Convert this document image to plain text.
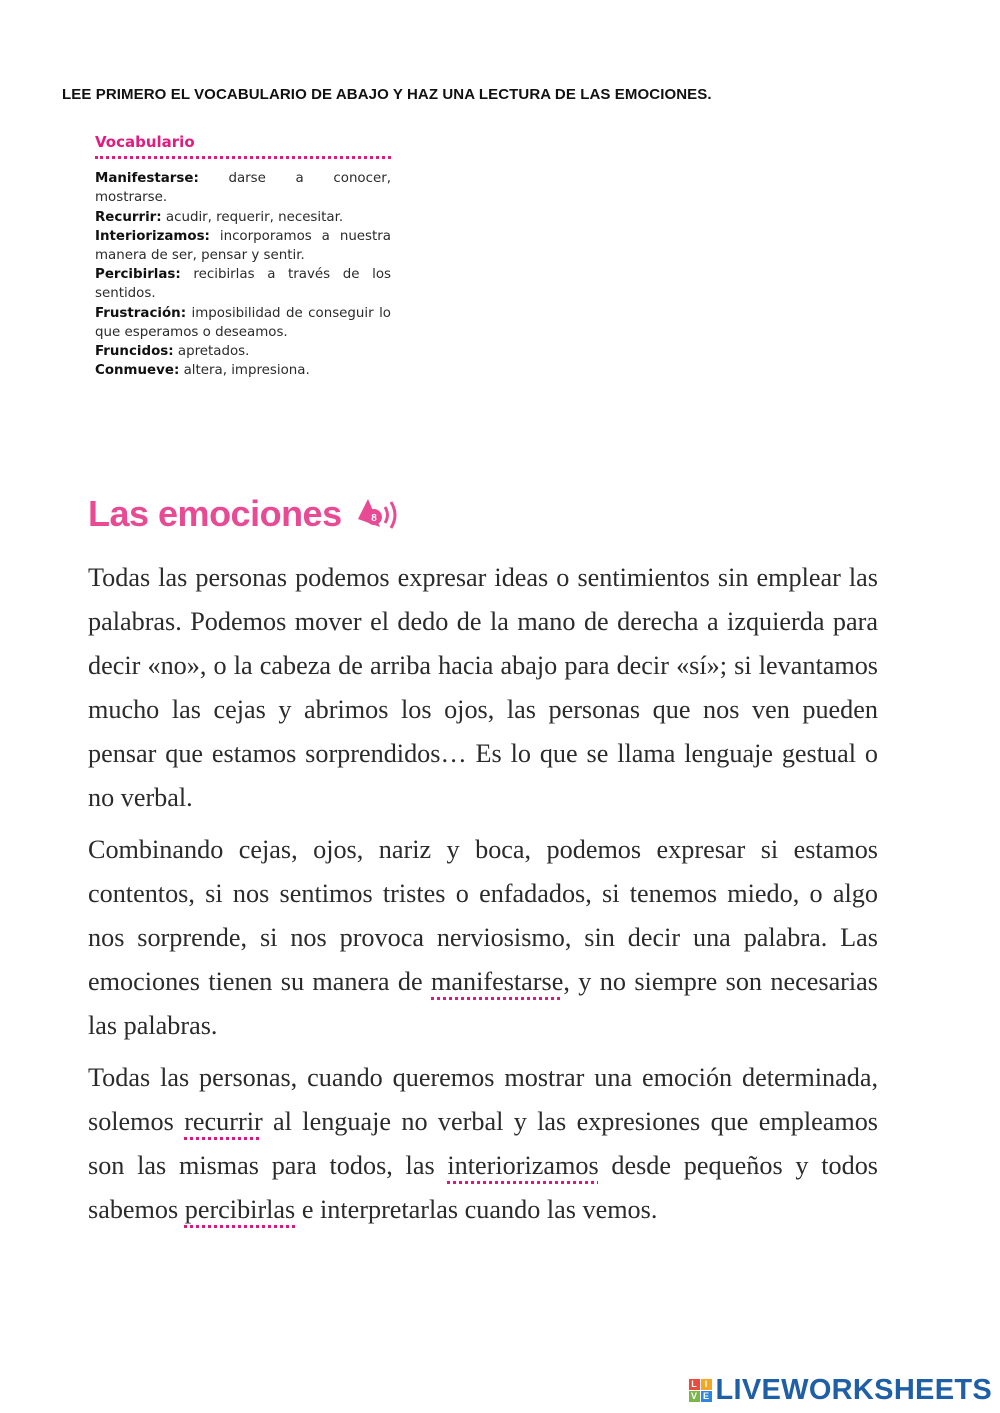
LEE PRIMERO EL VOCABULARIO DE ABAJO Y HAZ UNA LECTURA DE LAS EMOCIONES.
Vocabulario

Manifestarse: darse a conocer, mostrarse.

Recurrir: acudir, requerir, necesitar.

Interiorizamos: incorporamos a nuestra manera de ser, pensar y sentir.

Percibirlas: recibirlas a través de los sentidos.

Frustración: imposibilidad de conseguir lo que esperamos o deseamos.

Fruncidos: apretados.

Conmueve: altera, impresiona.

Las emociones	8

Todas las personas podemos expresar ideas o sentimientos sin emplear las palabras. Podemos mover el dedo de la mano de derecha a izquierda para decir «no», o la cabeza de arriba hacia abajo para decir «sí»; si levantamos mucho las cejas y abrimos los ojos, las personas que nos ven pueden pensar que estamos sorprendidos… Es lo que se llama lenguaje gestual o no verbal.

Combinando cejas, ojos, nariz y boca, podemos expresar si estamos contentos, si nos sentimos tristes o enfadados, si tenemos miedo, o algo nos sorprende, si nos provoca nerviosismo, sin decir una palabra. Las emociones tienen su manera de manifestarse, y no siempre son necesarias las palabras.

Todas las personas, cuando queremos mostrar una emoción determinada, solemos recurrir al lenguaje no verbal y las expresiones que empleamos son las mismas para todos, las interiorizamos desde pequeños y todos sabemos percibirlas e interpretarlas cuando las vemos.

L I
V E LIVEWORKSHEETS
